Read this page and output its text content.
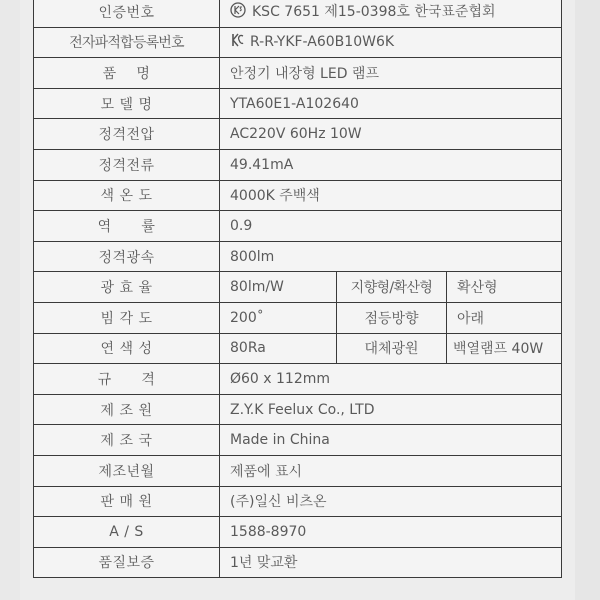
인증번호	KSC 7651 제15-0398호 한국표준협회		
전자파적합등록번호	R-R-YKF-A60B10W6K		
품    명	안정기 내장형 LED 램프		
모 델 명	YTA60E1-A102640		
정격전압	AC220V 60Hz 10W		
정격전류	49.41mA		
색 온 도	4000K 주백색		
역      률	0.9		
정격광속	800lm		
광 효 율	80lm/W	지향형/확산형	확산형
빔 각 도	200˚	점등방향	아래
연 색 성	80Ra	대체광원	백열램프 40W
규      격	Ø60 x 112mm		
제 조 원	Z.Y.K Feelux Co., LTD		
제 조 국	Made in China		
제조년월	제품에 표시		
판 매 원	(주)일신 비츠온		
A / S	1588-8970		
품질보증	1년 맞교환		
